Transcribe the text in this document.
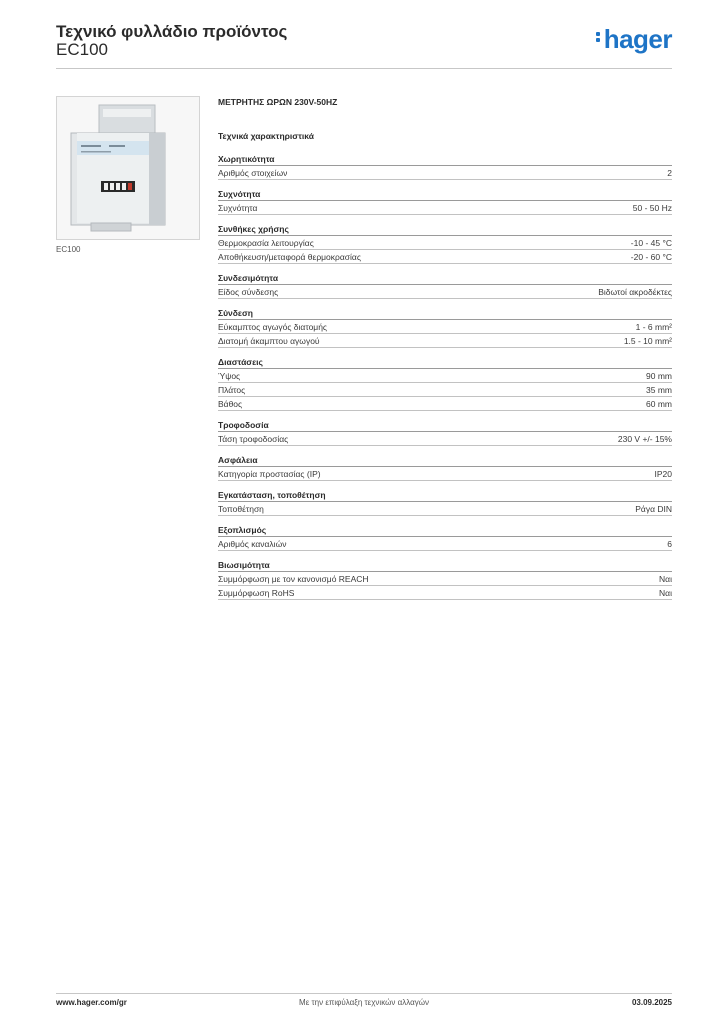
Τεχνικό φυλλάδιο προϊόντος
EC100	hager
EC100
ΜΕΤΡΗΤΗΣ ΩΡΩΝ 230V-50HZ
Τεχνικά χαρακτηριστικά
Χωρητικότητα
Αριθμός στοιχείων	2
Συχνότητα
Συχνότητα	50 - 50 Hz
Συνθήκες χρήσης
Θερμοκρασία λειτουργίας	-10 - 45 °C
Αποθήκευση/μεταφορά θερμοκρασίας	-20 - 60 °C
Συνδεσιμότητα
Είδος σύνδεσης	Βιδωτοί ακροδέκτες
Σύνδεση
Εύκαμπτος αγωγός διατομής	1 - 6 mm²
Διατομή άκαμπτου αγωγού	1.5 - 10 mm²
Διαστάσεις
Ύψος	90 mm
Πλάτος	35 mm
Βάθος	60 mm
Τροφοδοσία
Τάση τροφοδοσίας	230 V +/- 15%
Ασφάλεια
Κατηγορία προστασίας (IP)	IP20
Εγκατάσταση, τοποθέτηση
Τοποθέτηση	Ράγα DIN
Εξοπλισμός
Αριθμός καναλιών	6
Βιωσιμότητα
Συμμόρφωση με τον κανονισμό REACH	Ναι
Συμμόρφωση RoHS	Ναι
Με την επιφύλαξη τεχνικών αλλαγών
www.hager.com/gr	03.09.2025
